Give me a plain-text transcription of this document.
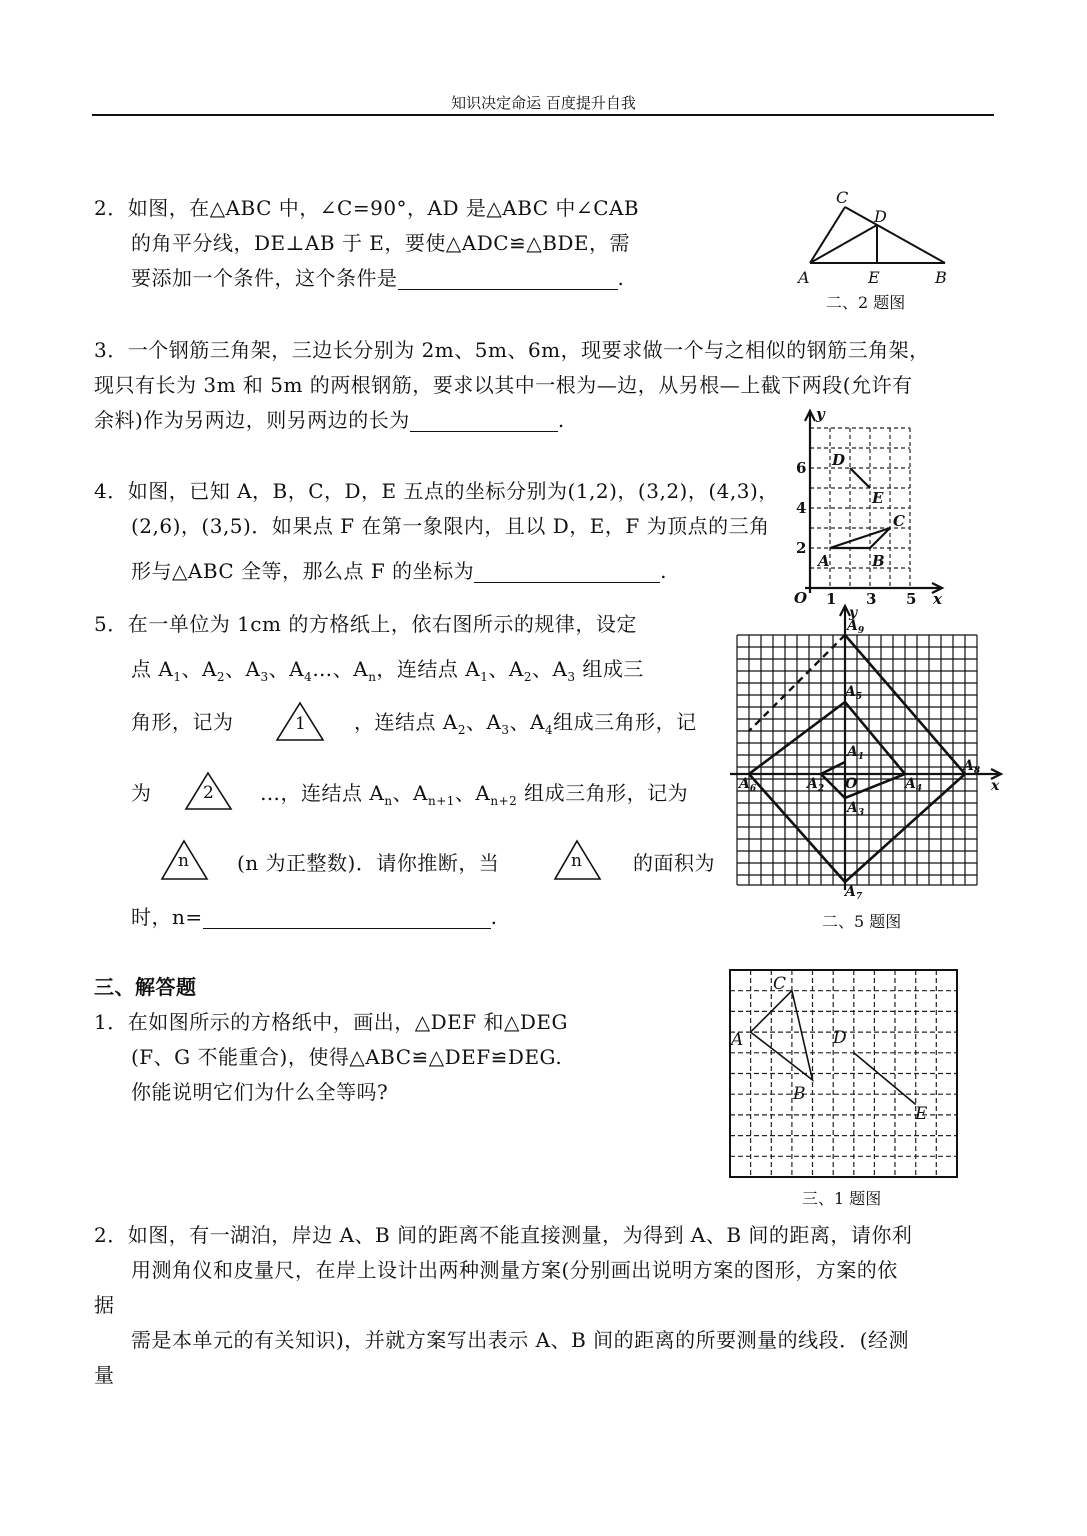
知识决定命运 百度提升自我
2．如图，在△ABC 中，∠C=90°，AD 是△ABC 中∠CAB
的角平分线，DE⊥AB 于 E，要使△ADC≌△BDE，需
要添加一个条件，这个条件是	.
C
D
A	E	B
二、2 题图
3．一个钢筋三角架，三边长分别为 2m、5m、6m，现要求做一个与之相似的钢筋三角架，
现只有长为 3m 和 5m 的两根钢筋，要求以其中一根为—边，从另根—上截下两段(允许有
余料)作为另两边，则另两边的长为	.
4．如图，已知 A，B，C，D，E 五点的坐标分别为(1,2)，(3,2)，(4,3)，
(2,6)，(3,5)．如果点 F 在第一象限内，且以 D，E，F 为顶点的三角
形与△ABC 全等，那么点 F 的坐标为	.
y
x
O
6
4
2
1 3 5
A	B
C
D
E
5．在一单位为 1cm 的方格纸上，依右图所示的规律，设定
点 $A_1$、$A_2$、$A_3$、$A_4\dots$、$A_n$，连结点 $A_1$、$A_2$、$A_3$ 组成三
角形，记为	1 ，连结点 $A_2$、$A_3$、$A_4$组成三角形，记
为	2 …，连结点 $A_n$、$A_{n+1}$、$A_{n+2}$ 组成三角形，记为
n (n 为正整数)．请你推断，当	n	的面积为
时，n=	.
y
x
O
$A_1$
$A_2$
$A_3$
$A_4$
$A_5$
$A_6$
$A_7$
$A_8$
$A_9$
二、5 题图
三、解答题
1．在如图所示的方格纸中，画出，△DEF 和△DEG
(F、G 不能重合)，使得△ABC≌△DEF≌DEG.
你能说明它们为什么全等吗?
C
A
B
D
E
三、1 题图
2．如图，有一湖泊，岸边 A、B 间的距离不能直接测量，为得到 A、B 间的距离，请你利
用测角仪和皮量尺，在岸上设计出两种测量方案(分别画出说明方案的图形，方案的依
据
需是本单元的有关知识)，并就方案写出表示 A、B 间的距离的所要测量的线段．(经测
量
